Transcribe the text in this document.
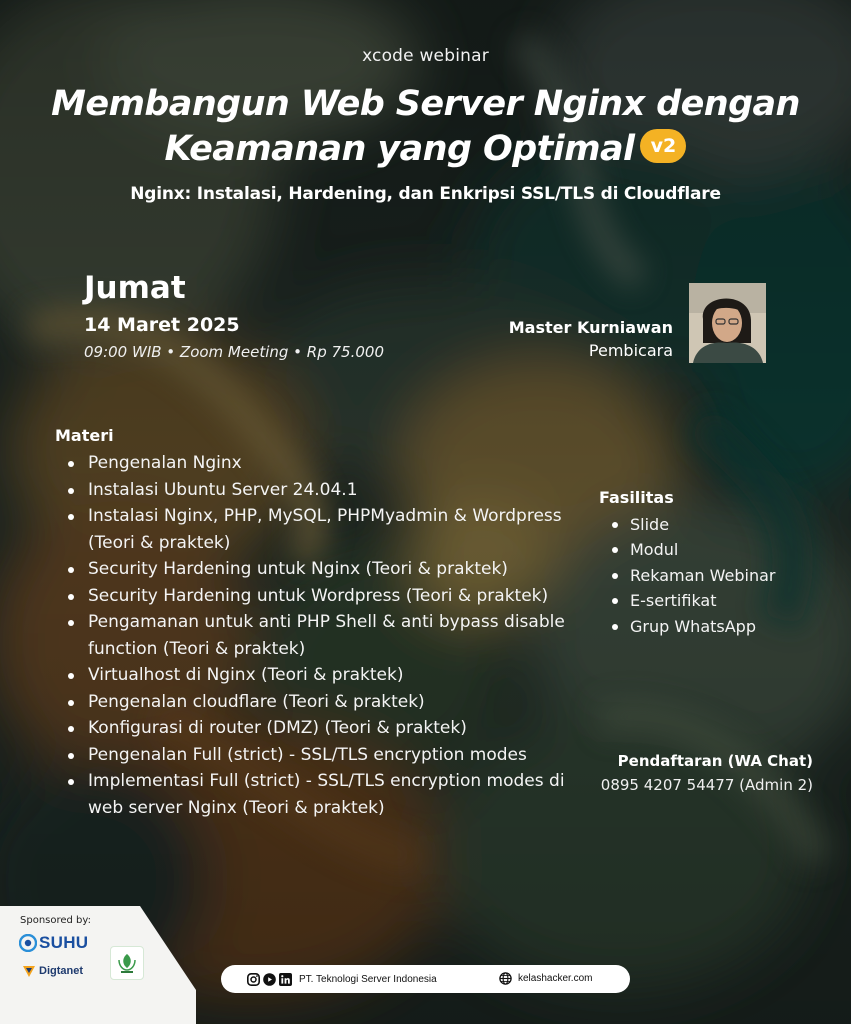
xcode webinar
Membangun Web Server Nginx dengan
Keamanan yang Optimal v2
Nginx: Instalasi, Hardening, dan Enkripsi SSL/TLS di Cloudflare
Jumat
14 Maret 2025
09:00 WIB • Zoom Meeting • Rp 75.000
Master Kurniawan
Pembicara
Materi
Pengenalan Nginx
Instalasi Ubuntu Server 24.04.1
Instalasi Nginx, PHP, MySQL, PHPMyadmin & Wordpress (Teori & praktek)
Security Hardening untuk Nginx (Teori & praktek)
Security Hardening untuk Wordpress (Teori & praktek)
Pengamanan untuk anti PHP Shell & anti bypass disable function (Teori & praktek)
Virtualhost di Nginx (Teori & praktek)
Pengenalan cloudflare (Teori & praktek)
Konfigurasi di router (DMZ) (Teori & praktek)
Pengenalan Full (strict) - SSL/TLS encryption modes
Implementasi Full (strict) - SSL/TLS encryption modes di web server Nginx (Teori & praktek)
Fasilitas
Slide
Modul
Rekaman Webinar
E-sertifikat
Grup WhatsApp
Pendaftaran (WA Chat)
0895 4207 54477 (Admin 2)
Sponsored by:
SUHU
Digtanet
PT. Teknologi Server Indonesia	kelashacker.com
